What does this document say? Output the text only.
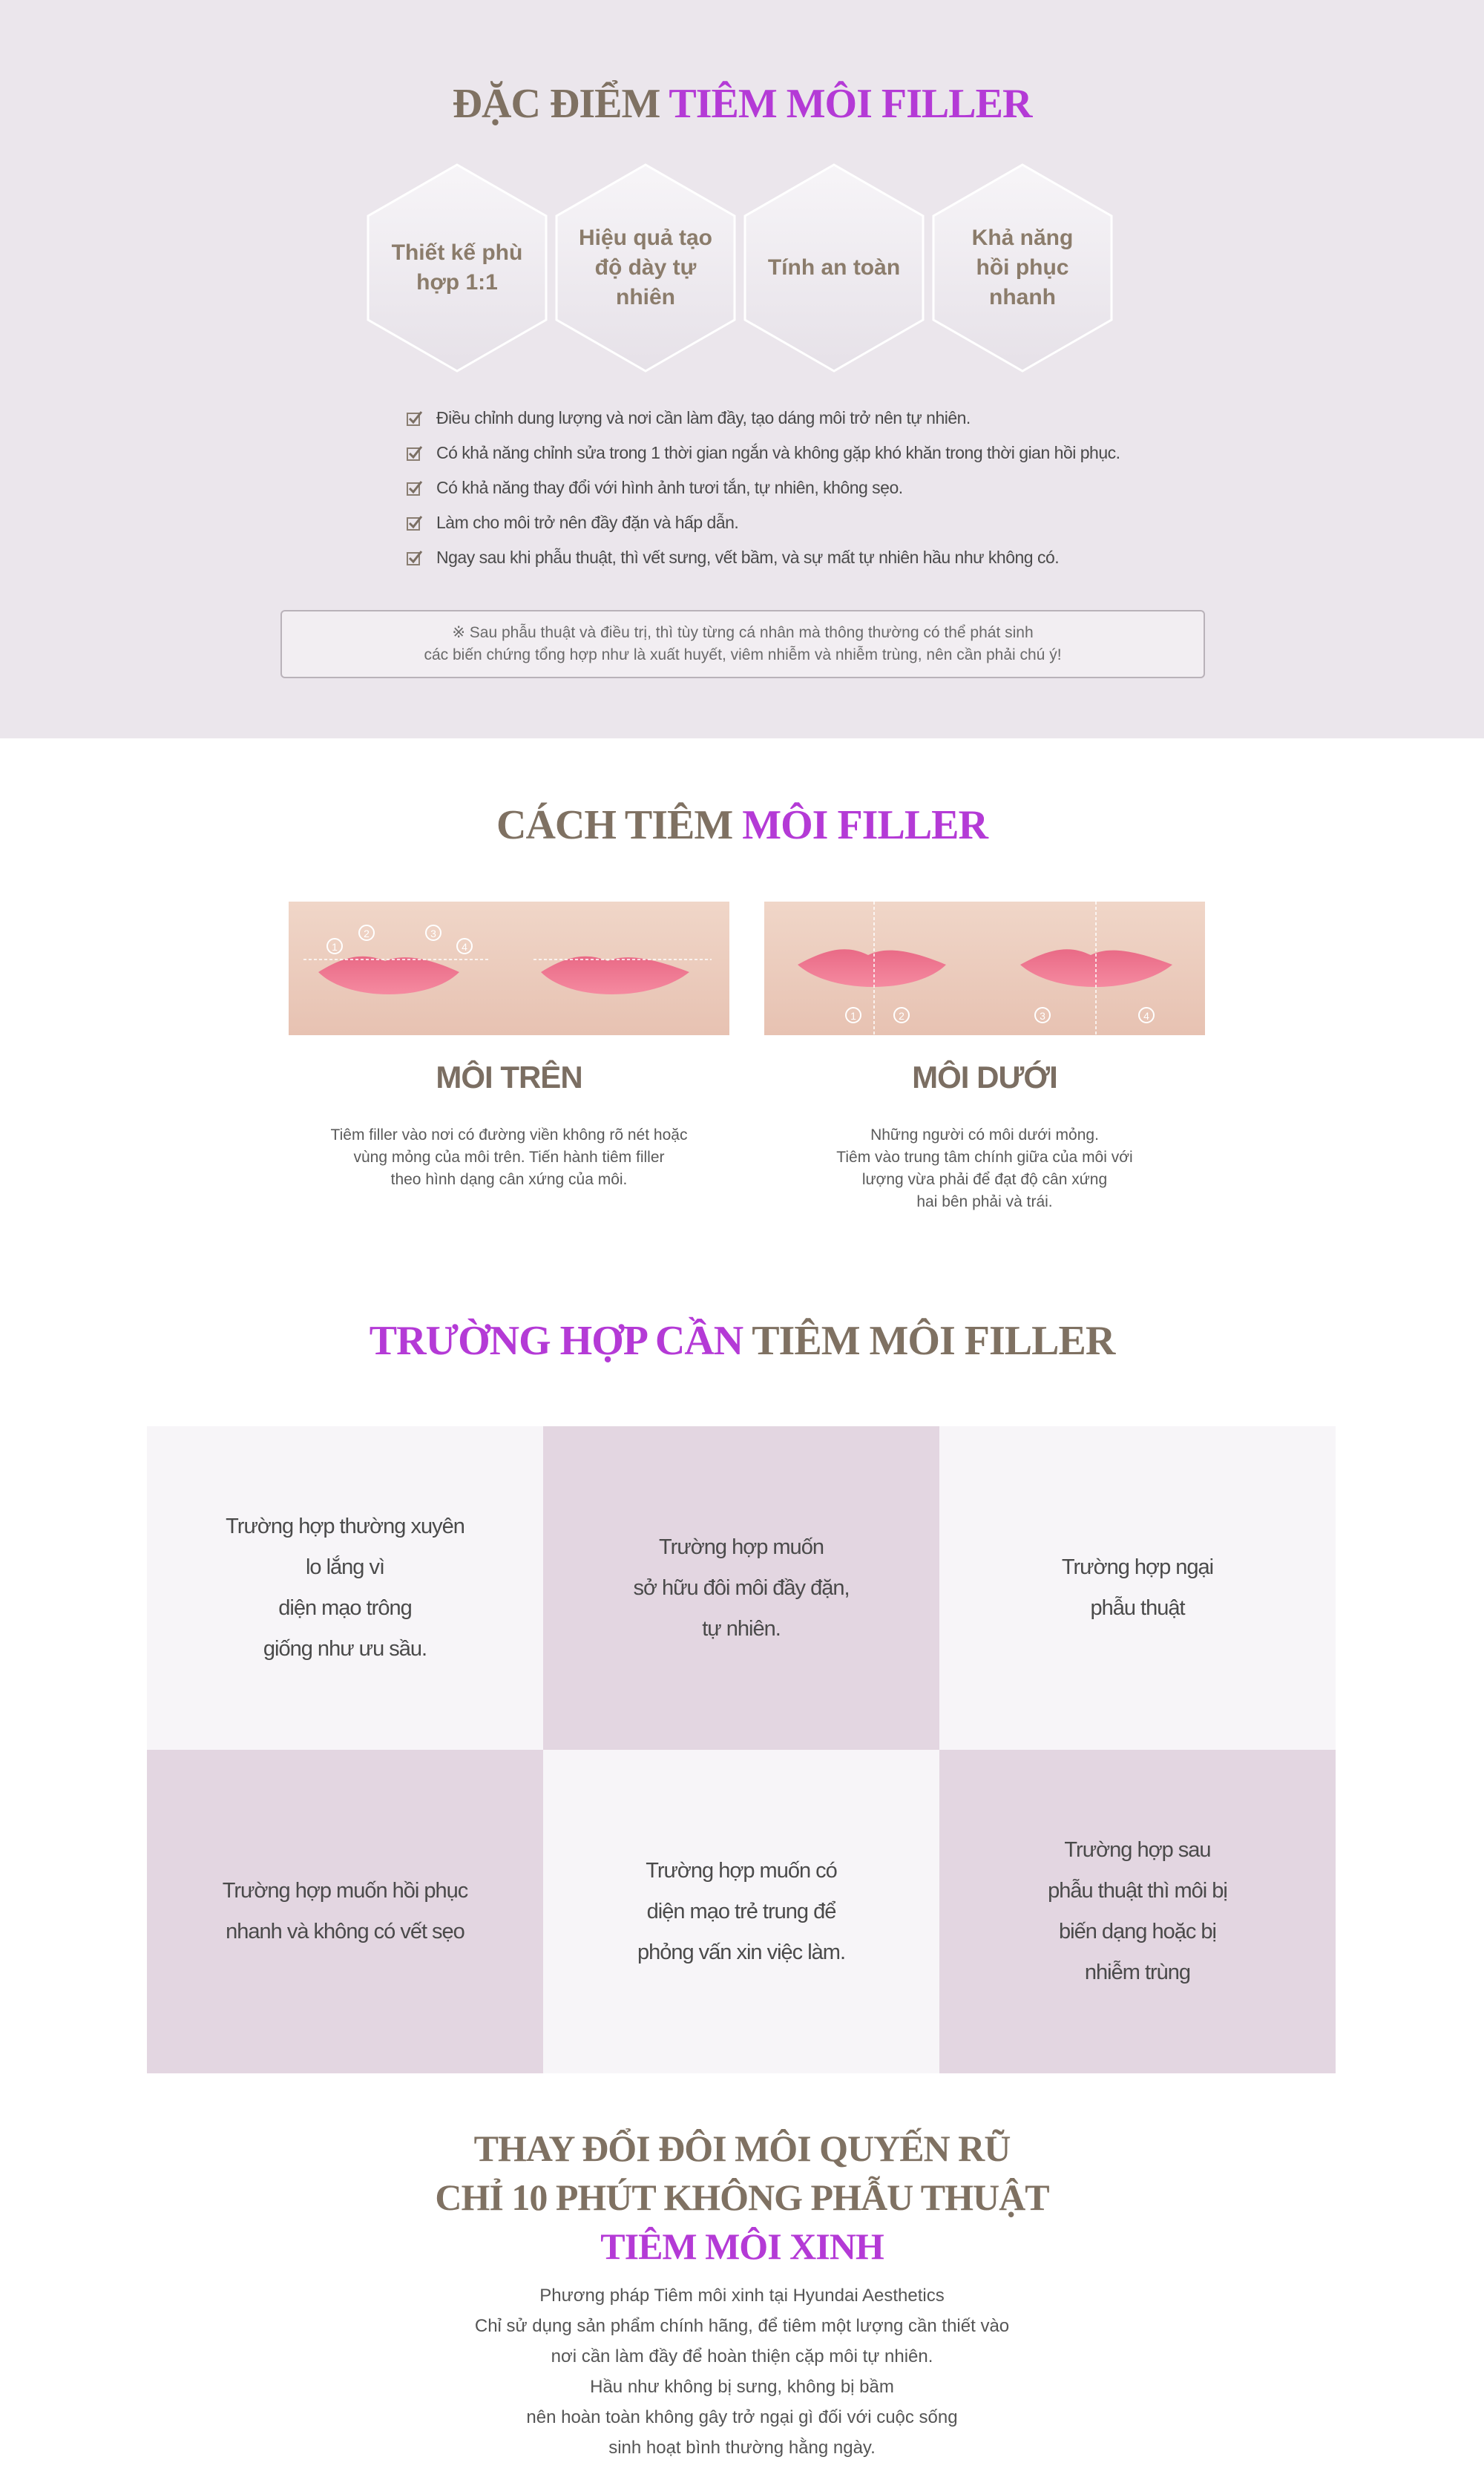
ĐẶC ĐIỂM TIÊM MÔI FILLER
Thiết kế phù
hợp 1:1
Hiệu quả tạo
độ dày tự nhiên
Tính an toàn
Khả năng
hồi phục nhanh
Điều chỉnh dung lượng và nơi cần làm đầy, tạo dáng môi trở nên tự nhiên.
Có khả năng chỉnh sửa trong 1 thời gian ngắn và không gặp khó khăn trong thời gian hồi phục.
Có khả năng thay đổi với hình ảnh tươi tắn, tự nhiên, không sẹo.
Làm cho môi trở nên đầy đặn và hấp dẫn.
Ngay sau khi phẫu thuật, thì vết sưng, vết bầm, và sự mất tự nhiên hầu như không có.
※ Sau phẫu thuật và điều trị, thì tùy từng cá nhân mà thông thường có thể phát sinh
các biến chứng tổng hợp như là xuất huyết, viêm nhiễm và nhiễm trùng, nên cần phải chú ý!
CÁCH TIÊM MÔI FILLER
1
2	3
4
MÔI TRÊN
Tiêm filler vào nơi có đường viền không rõ nét hoặc
vùng mỏng của môi trên. Tiến hành tiêm filler
theo hình dạng cân xứng của môi.
1	2	3	4
MÔI DƯỚI
Những người có môi dưới mỏng.
Tiêm vào trung tâm chính giữa của môi với
lượng vừa phải để đạt độ cân xứng
hai bên phải và trái.
TRƯỜNG HỢP CẦN TIÊM MÔI FILLER
Trường hợp thường xuyên
lo lắng vì
diện mạo trông
giống như ưu sầu.
Trường hợp muốn
sở hữu đôi môi đầy đặn,
tự nhiên.
Trường hợp ngại
phẫu thuật
Trường hợp muốn hồi phục
nhanh và không có vết sẹo
Trường hợp muốn có
diện mạo trẻ trung để
phỏng vấn xin việc làm.
Trường hợp sau
phẫu thuật thì môi bị
biến dạng hoặc bị
nhiễm trùng
THAY ĐỔI ĐÔI MÔI QUYẾN RŨ
CHỈ 10 PHÚT KHÔNG PHẪU THUẬT
TIÊM MÔI XINH
Phương pháp Tiêm môi xinh tại Hyundai Aesthetics
Chỉ sử dụng sản phẩm chính hãng, để tiêm một lượng cần thiết vào
nơi cần làm đầy để hoàn thiện cặp môi tự nhiên.
Hầu như không bị sưng, không bị bầm
nên hoàn toàn không gây trở ngại gì đối với cuộc sống
sinh hoạt bình thường hằng ngày.
